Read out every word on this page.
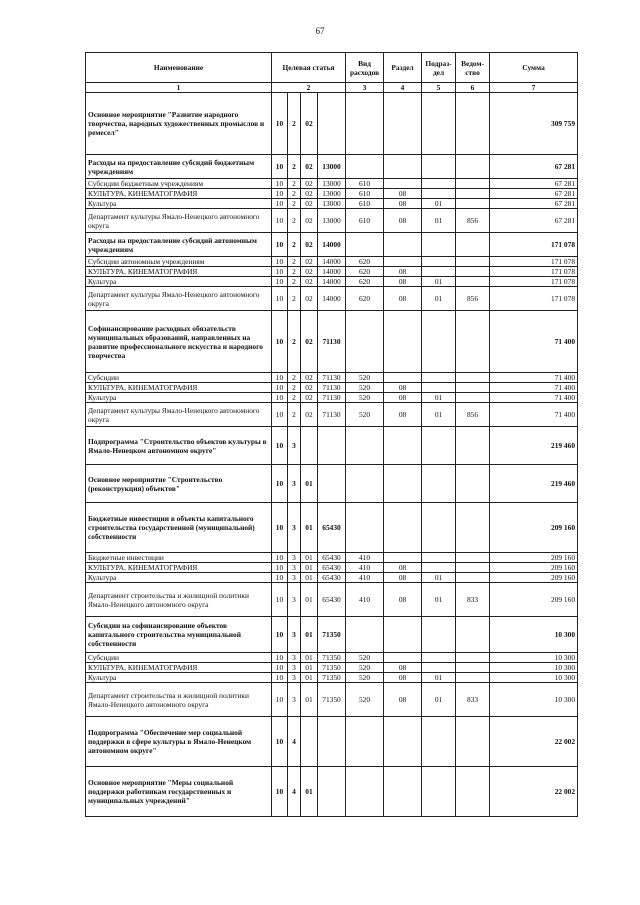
67
Наименование	Целевая статья				Вид расходов	Раздел	Подраз-дел	Ведом-ство	Сумма
1	2				3	4	5	6	7
Основное мероприятие "Развитие народного творчества, народных художественных промыслов и ремесел"	10	2	02						309 759
Расходы на предоставление субсидий бюджетным учреждениям	10	2	02	13000					67 281
Субсидии бюджетным учреждениям	10	2	02	13000	610				67 281
КУЛЬТУРА, КИНЕМАТОГРАФИЯ	10	2	02	13000	610	08			67 281
Культура	10	2	02	13000	610	08	01		67 281
Департамент культуры Ямало-Ненецкого автономного округа	10	2	02	13000	610	08	01	856	67 281
Расходы на предоставление субсидий автономным учреждениям	10	2	02	14000					171 078
Субсидии автономным учреждениям	10	2	02	14000	620				171 078
КУЛЬТУРА, КИНЕМАТОГРАФИЯ	10	2	02	14000	620	08			171 078
Культура	10	2	02	14000	620	08	01		171 078
Департамент культуры Ямало-Ненецкого автономного округа	10	2	02	14000	620	08	01	856	171 078
Софинансирование расходных обязательств муниципальных образований, направленных на развитие профессионального искусства и народного творчества	10	2	02	71130					71 400
Субсидии	10	2	02	71130	520				71 400
КУЛЬТУРА, КИНЕМАТОГРАФИЯ	10	2	02	71130	520	08			71 400
Культура	10	2	02	71130	520	08	01		71 400
Департамент культуры Ямало-Ненецкого автономного округа	10	2	02	71130	520	08	01	856	71 400
Подпрограмма "Строительство объектов культуры в Ямало-Ненецком автономном округе"	10	3							219 460
Основное мероприятие "Строительство (реконструкция) объектов"	10	3	01						219 460
Бюджетные инвестиции в объекты капитального строительства государственной (муниципальной) собственности	10	3	01	65430					209 160
Бюджетные инвестиции	10	3	01	65430	410				209 160
КУЛЬТУРА, КИНЕМАТОГРАФИЯ	10	3	01	65430	410	08			209 160
Культура	10	3	01	65430	410	08	01		209 160
Департамент строительства и жилищной политики Ямало-Ненецкого автономного округа	10	3	01	65430	410	08	01	833	209 160
Субсидии на софинансирование объектов капитального строительства муниципальной собственности	10	3	01	71350					10 300
Субсидии	10	3	01	71350	520				10 300
КУЛЬТУРА, КИНЕМАТОГРАФИЯ	10	3	01	71350	520	08			10 300
Культура	10	3	01	71350	520	08	01		10 300
Департамент строительства и жилищной политики Ямало-Ненецкого автономного округа	10	3	01	71350	520	08	01	833	10 300
Подпрограмма "Обеспечение мер социальной поддержки в сфере культуры в Ямало-Ненецком автономном округе"	10	4							22 002
Основное мероприятие "Меры социальной поддержки работникам государственных и муниципальных учреждений"	10	4	01						22 002
